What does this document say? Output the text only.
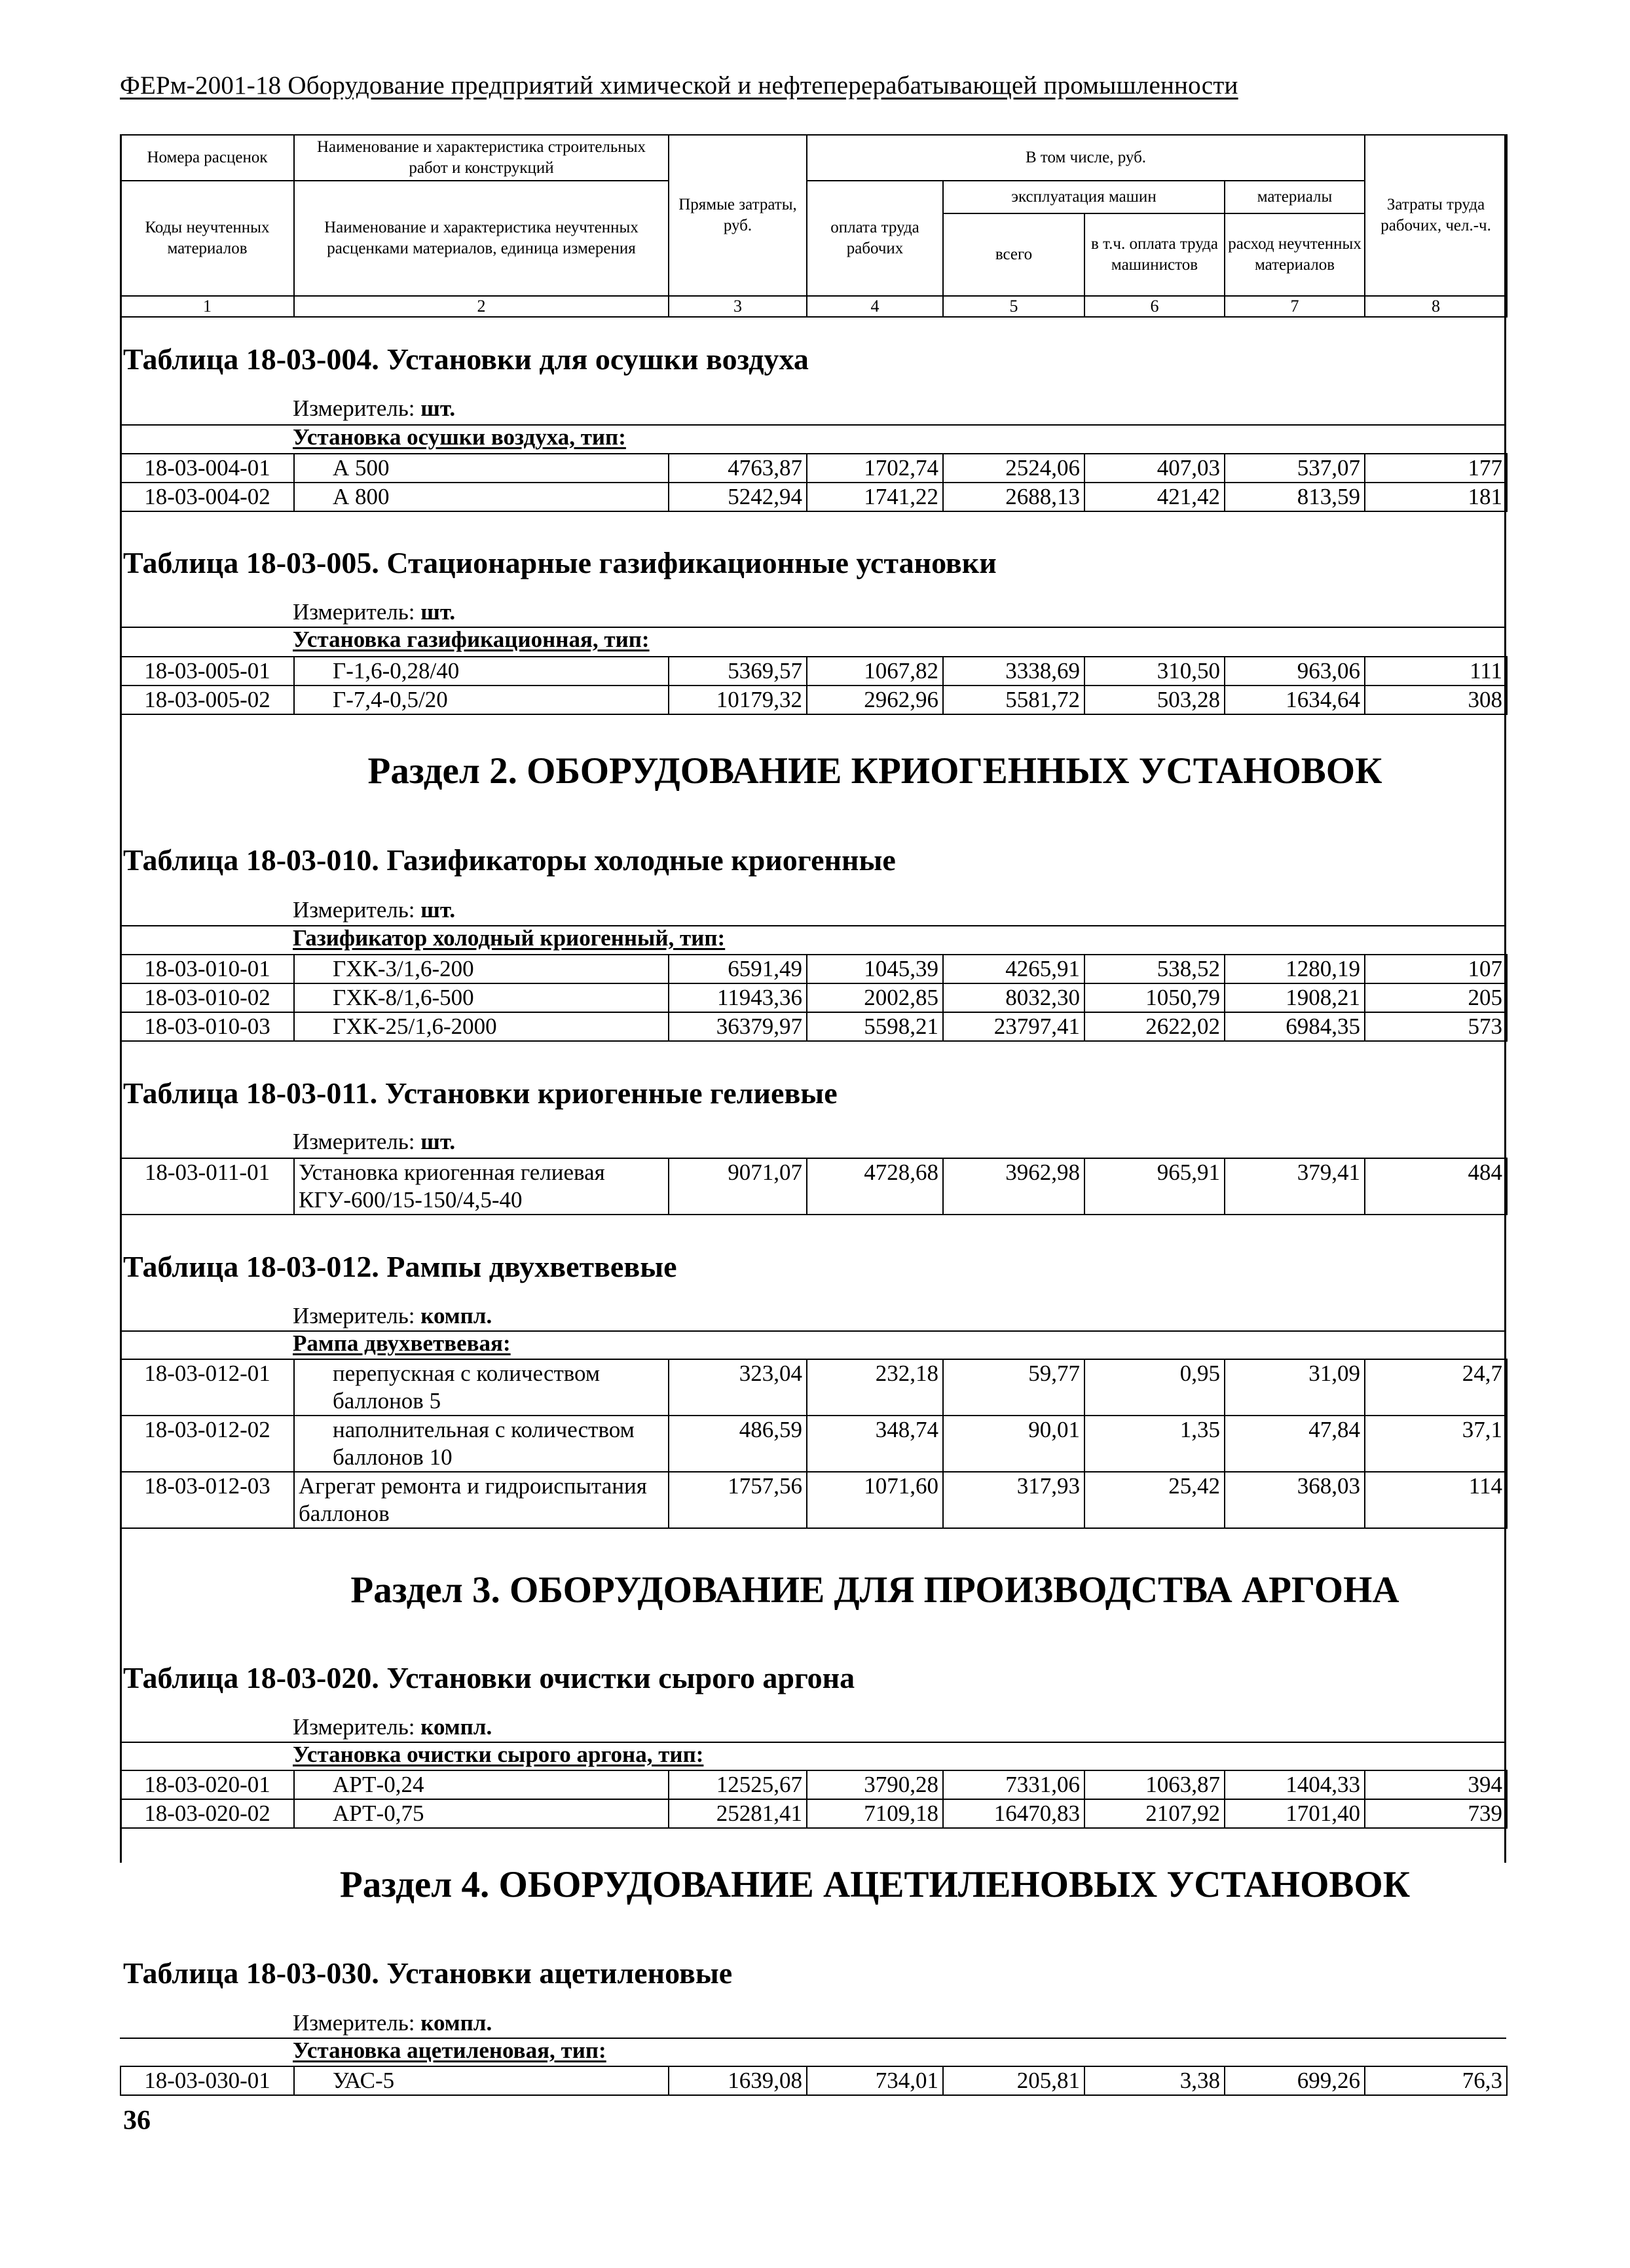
ФЕРм-2001-18 Оборудование предприятий химической и нефтеперерабатывающей промышленности
Номера расценок	Наименование и характеристика строительных работ и конструкций	Прямые затраты, руб.	В том числе, руб.				Затраты труда рабочих, чел.-ч.
Коды неучтенных материалов	Наименование и характеристика неучтенных расценками материалов, единица измерения						
			оплата труда рабочих	эксплуатация машин		материалы	
				всего	в т.ч. оплата труда машинистов	расход неучтенных материалов	
1	2	3	4	5	6	7	8
Таблица 18-03-004. Установки для осушки воздуха
Измеритель: шт.
Установка осушки воздуха, тип:
18-03-004-01	А 500	4763,87	1702,74	2524,06	407,03	537,07	177
18-03-004-02	А 800	5242,94	1741,22	2688,13	421,42	813,59	181
Таблица 18-03-005. Стационарные газификационные установки
Измеритель: шт.
Установка газификационная, тип:
18-03-005-01	Г-1,6-0,28/40	5369,57	1067,82	3338,69	310,50	963,06	111
18-03-005-02	Г-7,4-0,5/20	10179,32	2962,96	5581,72	503,28	1634,64	308
Раздел 2. ОБОРУДОВАНИЕ КРИОГЕННЫХ УСТАНОВОК
Таблица 18-03-010. Газификаторы холодные криогенные
Измеритель: шт.
Газификатор холодный криогенный, тип:
18-03-010-01	ГХК-3/1,6-200	6591,49	1045,39	4265,91	538,52	1280,19	107
18-03-010-02	ГХК-8/1,6-500	11943,36	2002,85	8032,30	1050,79	1908,21	205
18-03-010-03	ГХК-25/1,6-2000	36379,97	5598,21	23797,41	2622,02	6984,35	573
Таблица 18-03-011. Установки криогенные гелиевые
Измеритель: шт.
18-03-011-01	Установка криогенная гелиевая КГУ-600/15-150/4,5-40	9071,07	4728,68	3962,98	965,91	379,41	484
Таблица 18-03-012. Рампы двухветвевые
Измеритель: компл.
Рампа двухветвевая:
18-03-012-01	перепускная с количеством баллонов 5	323,04	232,18	59,77	0,95	31,09	24,7
18-03-012-02	наполнительная с количеством баллонов 10	486,59	348,74	90,01	1,35	47,84	37,1
18-03-012-03	Агрегат ремонта и гидроиспытания баллонов	1757,56	1071,60	317,93	25,42	368,03	114
Раздел 3. ОБОРУДОВАНИЕ ДЛЯ ПРОИЗВОДСТВА АРГОНА
Таблица 18-03-020. Установки очистки сырого аргона
Измеритель: компл.
Установка очистки сырого аргона, тип:
18-03-020-01	АРТ-0,24	12525,67	3790,28	7331,06	1063,87	1404,33	394
18-03-020-02	АРТ-0,75	25281,41	7109,18	16470,83	2107,92	1701,40	739
Раздел 4. ОБОРУДОВАНИЕ АЦЕТИЛЕНОВЫХ УСТАНОВОК
Таблица 18-03-030. Установки ацетиленовые
Измеритель: компл.
Установка ацетиленовая, тип:
18-03-030-01	УАС-5	1639,08	734,01	205,81	3,38	699,26	76,3
36
